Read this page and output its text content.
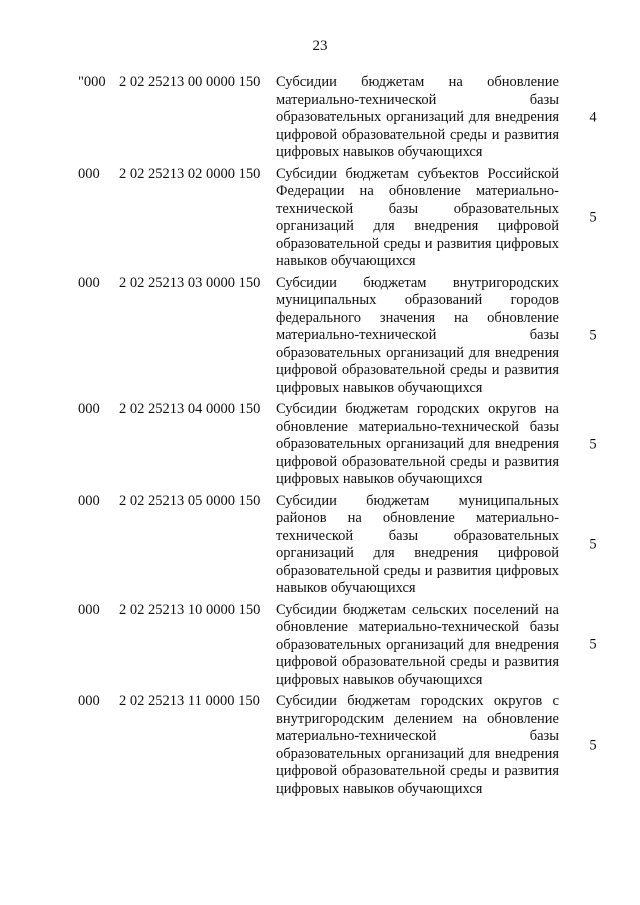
23
"000 2 02 25213 00 0000 150 Субсидии бюджетам на обновление материально-технической базы образовательных организаций для внедрения цифровой образовательной среды и развития цифровых навыков обучающихся
4
000 2 02 25213 02 0000 150 Субсидии бюджетам субъектов Российской Федерации на обновление материально-технической базы образовательных организаций для внедрения цифровой образовательной среды и развития цифровых навыков обучающихся
5
000 2 02 25213 03 0000 150 Субсидии бюджетам внутригородских муниципальных образований городов федерального значения на обновление материально-технической базы образовательных организаций для внедрения цифровой образовательной среды и развития цифровых навыков обучающихся
5
000 2 02 25213 04 0000 150 Субсидии бюджетам городских округов на обновление материально-технической базы образовательных организаций для внедрения цифровой образовательной среды и развития цифровых навыков обучающихся
5
000 2 02 25213 05 0000 150 Субсидии бюджетам муниципальных районов на обновление материально-технической базы образовательных организаций для внедрения цифровой образовательной среды и развития цифровых навыков обучающихся
5
000 2 02 25213 10 0000 150 Субсидии бюджетам сельских поселений на обновление материально-технической базы образовательных организаций для внедрения цифровой образовательной среды и развития цифровых навыков обучающихся
5
000 2 02 25213 11 0000 150 Субсидии бюджетам городских округов с внутригородским делением на обновление материально-технической базы образовательных организаций для внедрения цифровой образовательной среды и развития цифровых навыков обучающихся
5
